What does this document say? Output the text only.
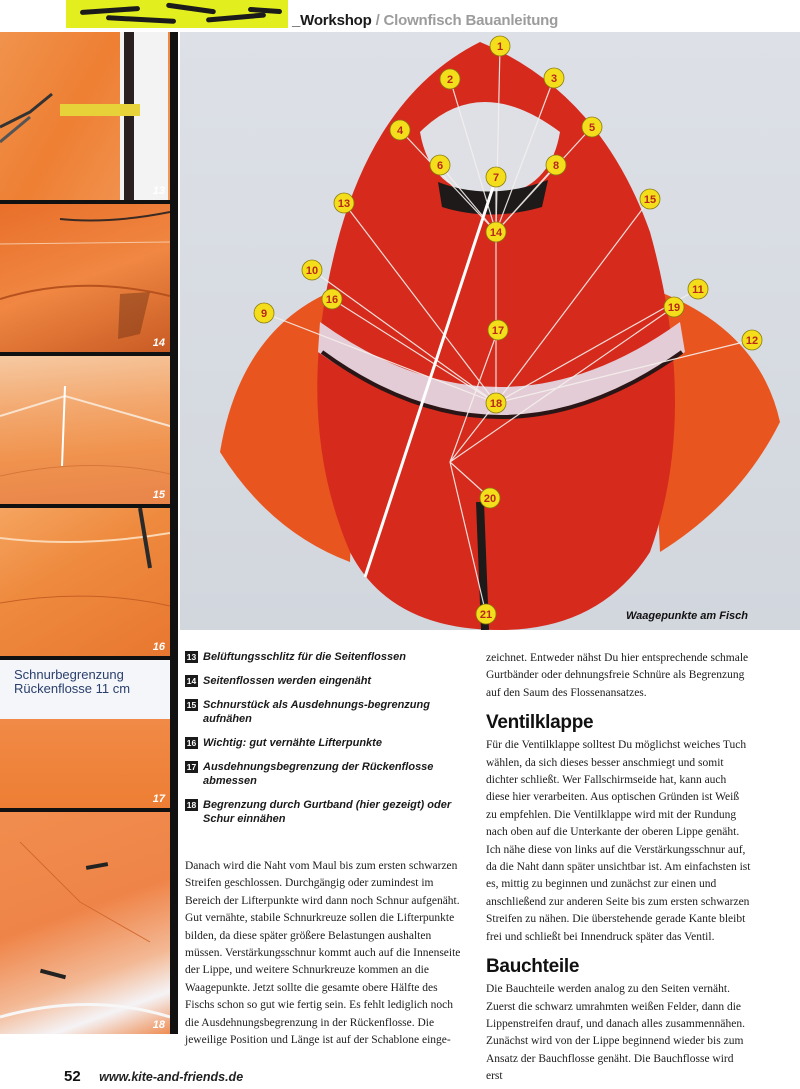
_Workshop / Clownfisch Bauanleitung
13
14
15
16
Schnurbegrenzung
Rückenflosse 11 cm
17
18
1
2	3
4	5
6
7
8
9
10
11
12
13
14
15
16
17
18
19
20
21	Waagepunkte am Fisch
13 Belüftungsschlitz für die Seitenflossen
14 Seitenflossen werden eingenäht
15 Schnurstück als Ausdehnungs-begrenzung aufnähen
16 Wichtig: gut vernähte Lifterpunkte
17 Ausdehnungsbegrenzung der Rückenflosse abmessen
18 Begrenzung durch Gurtband (hier gezeigt) oder Schur einnähen

Danach wird die Naht vom Maul bis zum ersten schwarzen Streifen geschlossen. Durchgängig oder zumindest im Bereich der Lifterpunkte wird dann noch Schnur aufgenäht. Gut vernähte, stabile Schnurkreuze sollen die Lifterpunkte bilden, da diese später größere Belastungen aushalten müssen. Verstärkungsschnur kommt auch auf die Innenseite der Lippe, und weitere Schnurkreuze kommen an die Waagepunkte. Jetzt sollte die gesamte obere Hälfte des Fischs schon so gut wie fertig sein. Es fehlt lediglich noch die Ausdehnungsbegrenzung in der Rückenflosse. Die jeweilige Position und Länge ist auf der Schablone einge-

zeichnet. Entweder nähst Du hier entsprechende schmale Gurtbänder oder dehnungsfreie Schnüre als Begrenzung auf den Saum des Flossenansatzes.

Ventilklappe

Für die Ventilklappe solltest Du möglichst weiches Tuch wählen, da sich dieses besser anschmiegt und somit dichter schließt. Wer Fallschirmseide hat, kann auch diese hier verarbeiten. Aus optischen Gründen ist Weiß zu empfehlen. Die Ventilklappe wird mit der Rundung nach oben auf die Unterkante der oberen Lippe genäht. Ich nähe diese von links auf die Verstärkungsschnur auf, da die Naht dann später unsichtbar ist. Am einfachsten ist es, mittig zu beginnen und zunächst zur einen und anschließend zur anderen Seite bis zum ersten schwarzen Streifen zu nähen. Die überstehende gerade Kante bleibt frei und schließt bei Innendruck später das Ventil.

Bauchteile

Die Bauchteile werden analog zu den Seiten vernäht. Zuerst die schwarz umrahmten weißen Felder, dann die Lippenstreifen drauf, und danach alles zusammennähen. Zunächst wird von der Lippe beginnend wieder bis zum Ansatz der Bauchflosse genäht. Die Bauchflosse wird erst

52 www.kite-and-friends.de
